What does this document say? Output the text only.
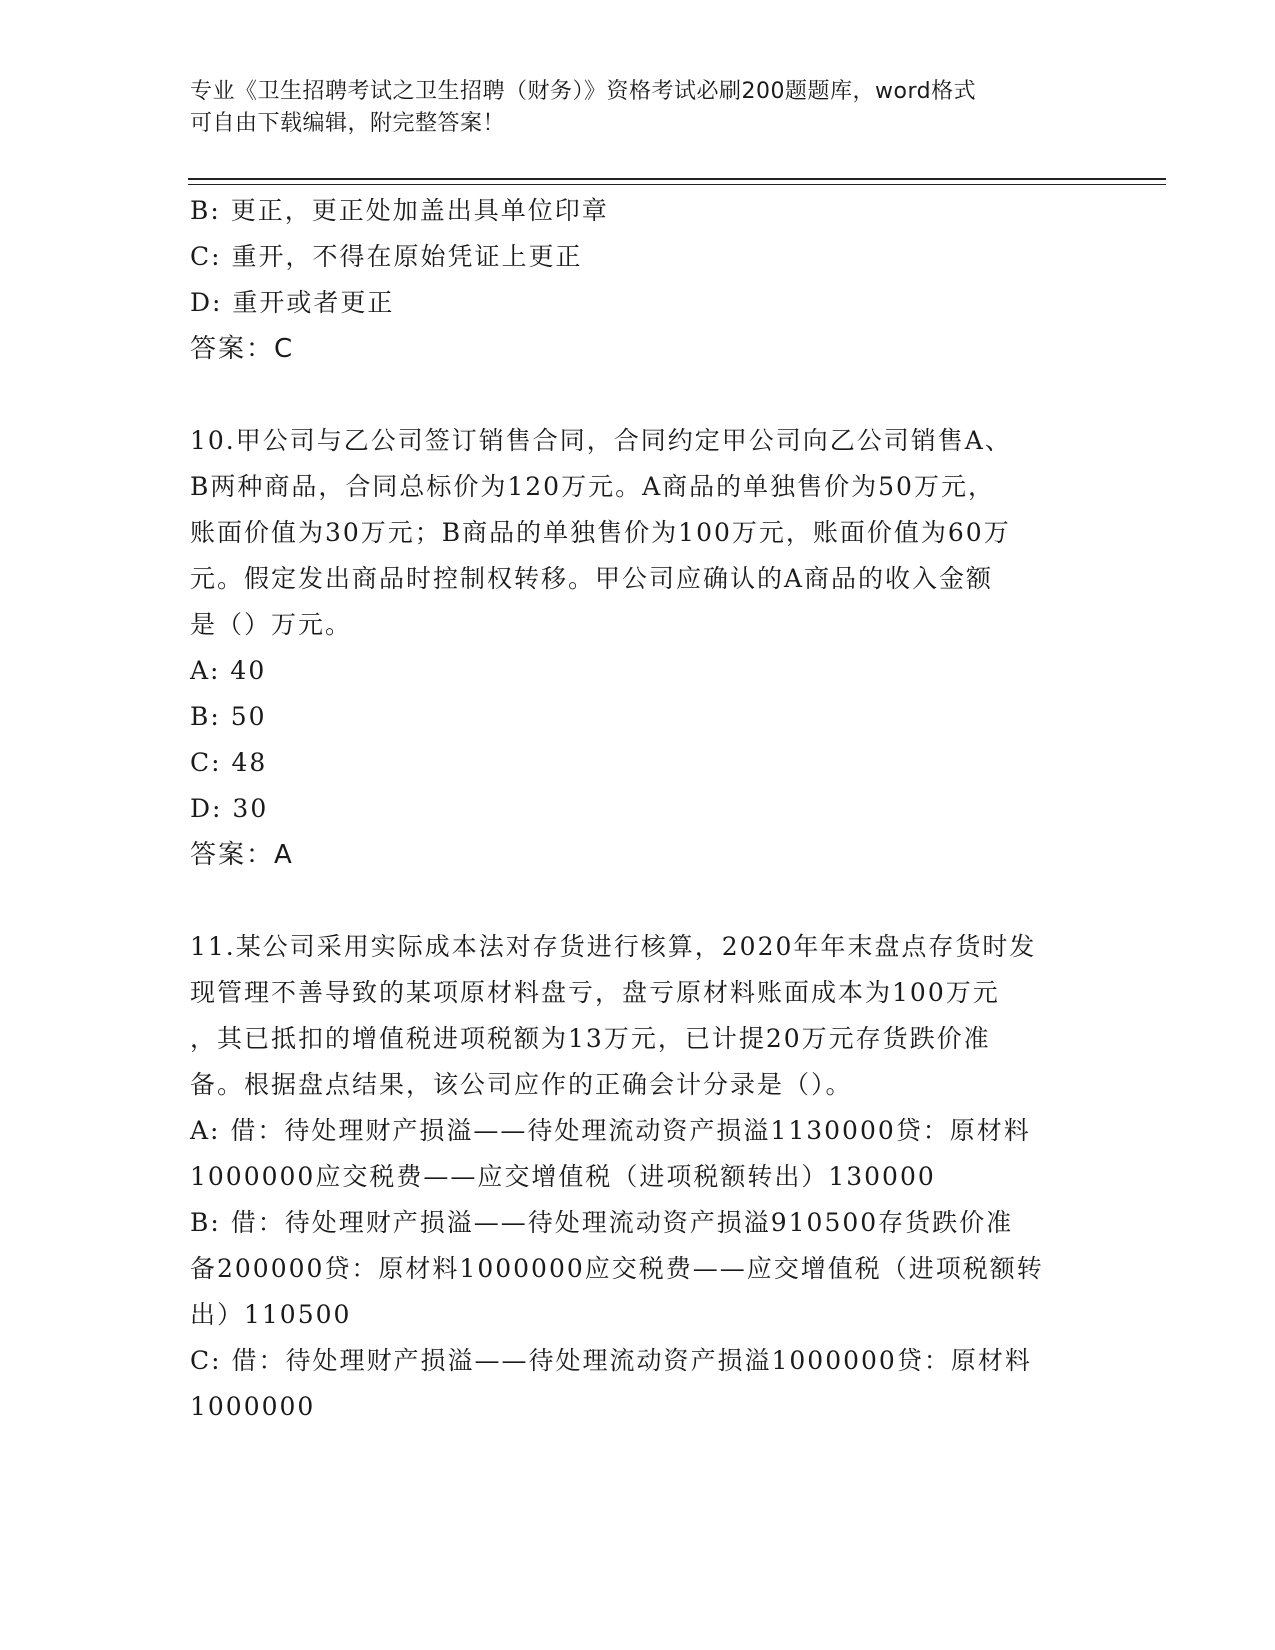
专业《卫生招聘考试之卫生招聘（财务）》资格考试必刷200题题库，word格式
可自由下载编辑，附完整答案！
B: 更正，更正处加盖出具单位印章
C: 重开，不得在原始凭证上更正
D: 重开或者更正
答案：C
10.甲公司与乙公司签订销售合同，合同约定甲公司向乙公司销售A、
B两种商品，合同总标价为120万元。A商品的单独售价为50万元，
账面价值为30万元；B商品的单独售价为100万元，账面价值为60万
元。假定发出商品时控制权转移。甲公司应确认的A商品的收入金额
是（）万元。
A: 40
B: 50
C: 48
D: 30
答案：A
11.某公司采用实际成本法对存货进行核算，2020年年末盘点存货时发
现管理不善导致的某项原材料盘亏，盘亏原材料账面成本为100万元
，其已抵扣的增值税进项税额为13万元，已计提20万元存货跌价准
备。根据盘点结果，该公司应作的正确会计分录是（）。
A: 借：待处理财产损溢——待处理流动资产损溢1130000贷：原材料
1000000应交税费——应交增值税（进项税额转出）130000
B: 借：待处理财产损溢——待处理流动资产损溢910500存货跌价准
备200000贷：原材料1000000应交税费——应交增值税（进项税额转
出）110500
C: 借：待处理财产损溢——待处理流动资产损溢1000000贷：原材料
1000000
